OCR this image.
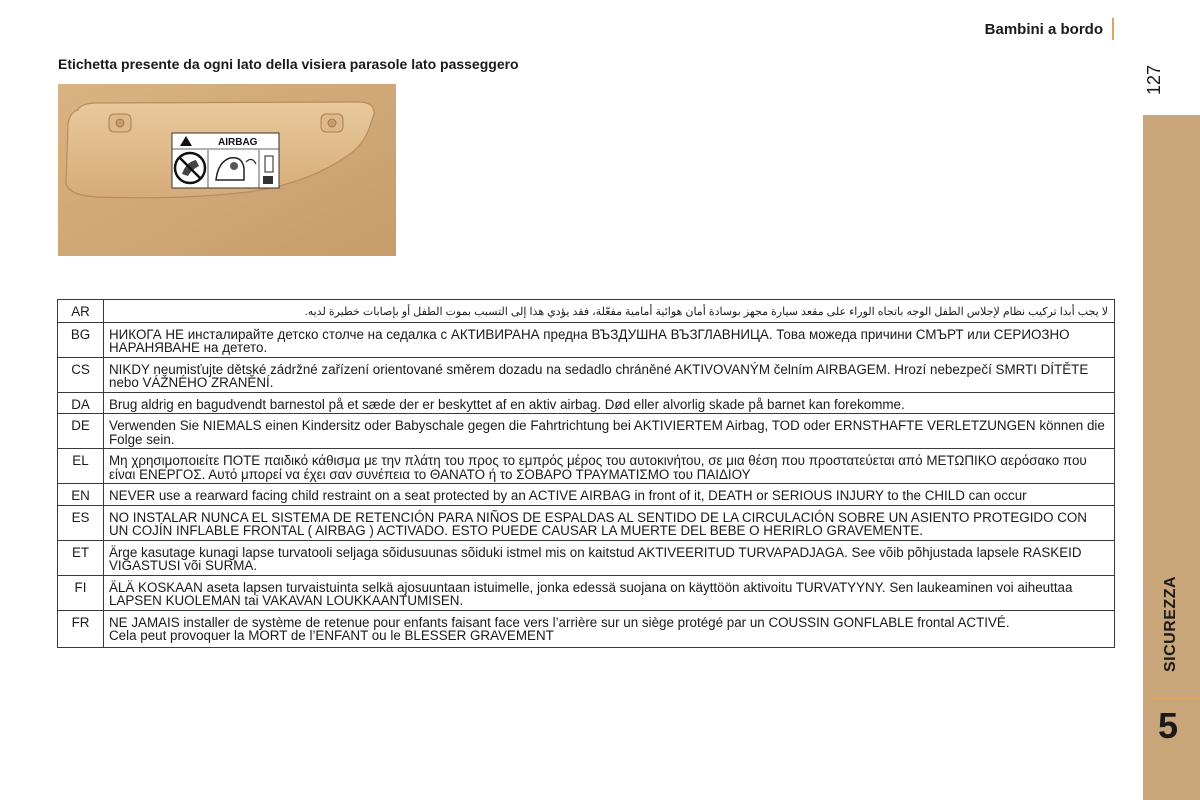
Bambini a bordo
127
SICUREZZA
5
Etichetta presente da ogni lato della visiera parasole lato passeggero
AIRBAG
AR	لا يجب أبدا تركيب نظام لإجلاس الطفل الوجه باتجاه الوراء على مقعد سيارة مجهز بوسادة أمان هوائية أمامية مفعّلة، فقد يؤدي هذا إلى التسبب بموت الطفل أو بإصابات خطيرة لديه.
BG	НИКОГА НЕ инсталирайте детско столче на седалка с АКТИВИРАНА предна ВЪЗДУШНА ВЪЗГЛАВНИЦА. Това можеда причини СМЪРТ или СЕРИОЗНО НАРАНЯВАНЕ на детето.
CS	NIKDY neumisťujte dětské zádržné zařízení orientované směrem dozadu na sedadlo chráněné AKTIVOVANÝM čelním AIRBAGEM. Hrozí nebezpečí SMRTI DÍTĚTE nebo VÁŽNÉHO ZRANĚNÍ.
DA	Brug aldrig en bagudvendt barnestol på et sæde der er beskyttet af en aktiv airbag. Død eller alvorlig skade på barnet kan forekomme.
DE	Verwenden Sie NIEMALS einen Kindersitz oder Babyschale gegen die Fahrtrichtung bei AKTIVIERTEM Airbag, TOD oder ERNSTHAFTE VERLETZUNGEN können die Folge sein.
EL	Μη χρησιμοποιείτε ΠΟΤΕ παιδικό κάθισμα με την πλάτη του προς το εμπρός μέρος του αυτοκινήτου, σε μια θέση που προστατεύεται από ΜΕΤΩΠΙΚΟ αερόσακο που είναι ΕΝΕΡΓΟΣ. Αυτό μπορεί να έχει σαν συνέπεια το ΘΑΝΑΤΟ ή το ΣΟΒΑΡΟ ΤΡΑΥΜΑΤΙΣΜΟ του ΠΑΙΔΙΟΥ
EN	NEVER use a rearward facing child restraint on a seat protected by an ACTIVE AIRBAG in front of it, DEATH or SERIOUS INJURY to the CHILD can occur
ES	NO INSTALAR NUNCA EL SISTEMA DE RETENCIÓN PARA NIÑOS DE ESPALDAS AL SENTIDO DE LA CIRCULACIÓN SOBRE UN ASIENTO PROTEGIDO CON UN COJÍN INFLABLE FRONTAL ( AIRBAG ) ACTIVADO. ESTO PUEDE CAUSAR LA MUERTE DEL BEBE O HERIRLO GRAVEMENTE.
ET	Ärge kasutage kunagi lapse turvatooli seljaga sõidusuunas sõiduki istmel mis on kaitstud AKTIVEERITUD TURVAPADJAGA. See võib põhjustada lapsele RASKEID VIGASTUSI või SURMA.
FI	ÄLÄ KOSKAAN aseta lapsen turvaistuinta selkä ajosuuntaan istuimelle, jonka edessä suojana on käyttöön aktivoitu TURVATYYNY. Sen laukeaminen voi aiheuttaa LAPSEN KUOLEMAN tai VAKAVAN LOUKKAANTUMISEN.
FR	NE JAMAIS installer de système de retenue pour enfants faisant face vers l’arrière sur un siège protégé par un COUSSIN GONFLABLE frontal ACTIVÉ.
Cela peut provoquer la MORT de l’ENFANT ou le BLESSER GRAVEMENT
